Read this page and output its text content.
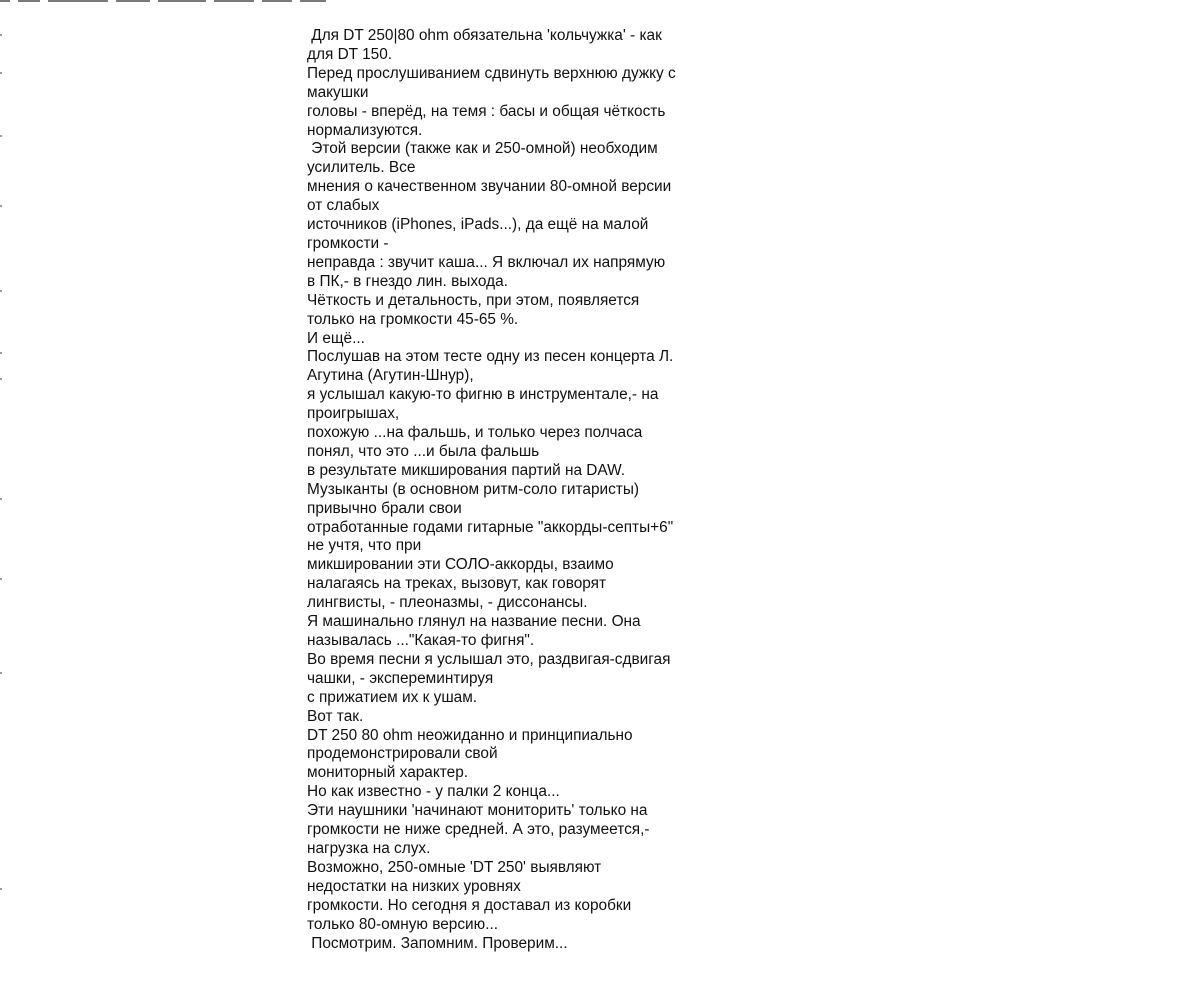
Для DT 250|80 ohm обязательна 'кольчужка' - как
для DT 150.
Перед прослушиванием сдвинуть верхнюю дужку с
макушки
головы - вперёд, на темя : басы и общая чёткость
нормализуются.
Этой версии (также как и 250-омной) необходим
усилитель. Все
мнения о качественном звучании 80-омной версии
от слабых
источников (iPhones, iPads...), да ещё на малой
громкости -
неправда : звучит каша... Я включал их напрямую
в ПК,- в гнездо лин. выхода.
Чёткость и детальность, при этом, появляется
только на громкости 45-65 %.
И ещё...
Послушав на этом тесте одну из песен концерта Л.
Агутина (Агутин-Шнур),
я услышал какую-то фигню в инструментале,- на
проигрышах,
похожую ...на фальшь, и только через полчаса
понял, что это ...и была фальшь
в результате микширования партий на DAW.
Музыканты (в основном ритм-соло гитаристы)
привычно брали свои
отработанные годами гитарные "аккорды-септы+6"
не учтя, что при
микшировании эти СОЛО-аккорды, взаимо
налагаясь на треках, вызовут, как говорят
лингвисты, - плеоназмы, - диссонансы.
Я машинально глянул на название песни. Она
называлась ..."Какая-то фигня".
Во время песни я услышал это, раздвигая-сдвигая
чашки, - экспереминтируя
с прижатием их к ушам.
Вот так.
DT 250 80 ohm неожиданно и принципиально
продемонстрировали свой
мониторный характер.
Но как известно - у палки 2 конца...
Эти наушники 'начинают мониторить' только на
громкости не ниже средней. А это, разумеется,-
нагрузка на слух.
Возможно, 250-омные 'DT 250' выявляют
недостатки на низких уровнях
громкости. Но сегодня я доставал из коробки
только 80-омную версию...
Посмотрим. Запомним. Проверим...
